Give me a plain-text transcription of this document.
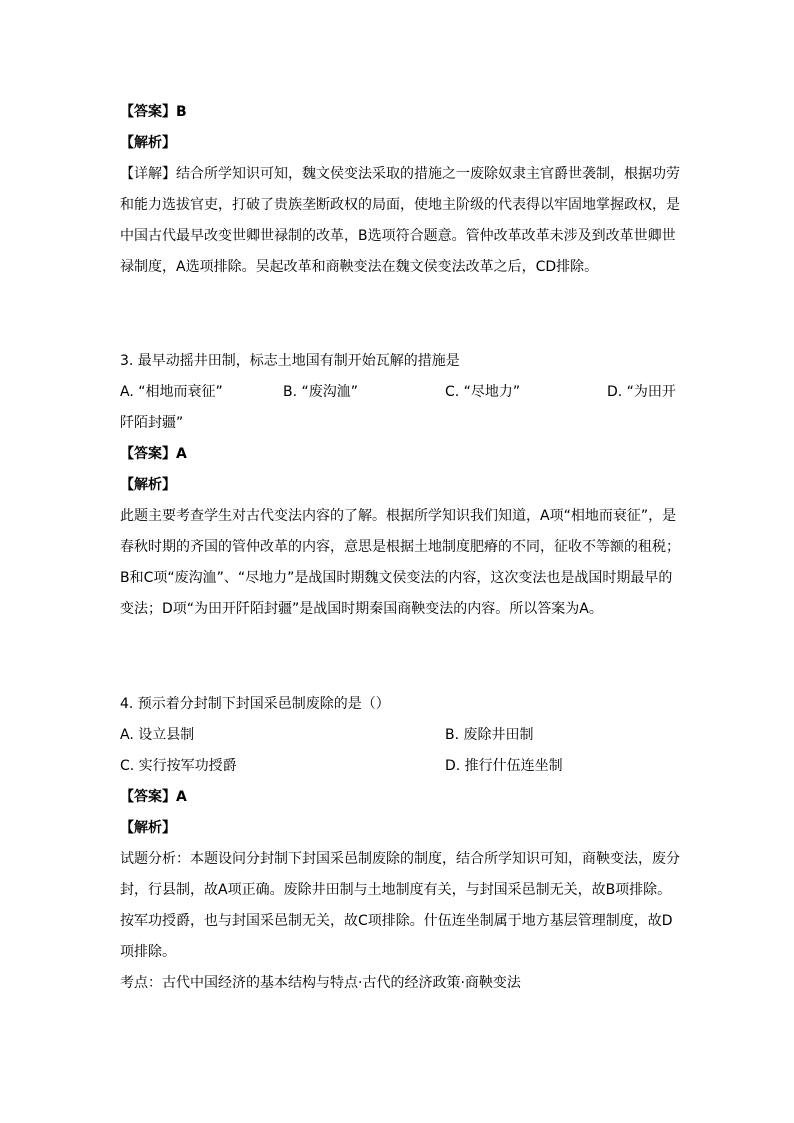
【答案】B
【解析】
【详解】结合所学知识可知，魏文侯变法采取的措施之一废除奴隶主官爵世袭制，根据功劳
和能力选拔官吏，打破了贵族垄断政权的局面，使地主阶级的代表得以牢固地掌握政权，是
中国古代最早改变世卿世禄制的改革，B选项符合题意。管仲改革改革未涉及到改革世卿世
禄制度，A选项排除。吴起改革和商鞅变法在魏文侯变法改革之后，CD排除。
3. 最早动摇井田制，标志土地国有制开始瓦解的措施是
A. “相地而衰征”	B. “废沟洫”	C. “尽地力”	D. “为田开
阡陌封疆”
【答案】A
【解析】
此题主要考查学生对古代变法内容的了解。根据所学知识我们知道，A项“相地而衰征”，是
春秋时期的齐国的管仲改革的内容，意思是根据土地制度肥瘠的不同，征收不等额的租税；
B和C项“废沟洫”、“尽地力”是战国时期魏文侯变法的内容，这次变法也是战国时期最早的
变法；D项“为田开阡陌封疆”是战国时期秦国商鞅变法的内容。所以答案为A。
4. 预示着分封制下封国采邑制废除的是（）
A. 设立县制	B. 废除井田制
C. 实行按军功授爵	D. 推行什伍连坐制
【答案】A
【解析】
试题分析：本题设问分封制下封国采邑制废除的制度，结合所学知识可知，商鞅变法，废分
封，行县制，故A项正确。废除井田制与土地制度有关，与封国采邑制无关，故B项排除。
按军功授爵，也与封国采邑制无关，故C项排除。什伍连坐制属于地方基层管理制度，故D
项排除。
考点：古代中国经济的基本结构与特点·古代的经济政策·商鞅变法
